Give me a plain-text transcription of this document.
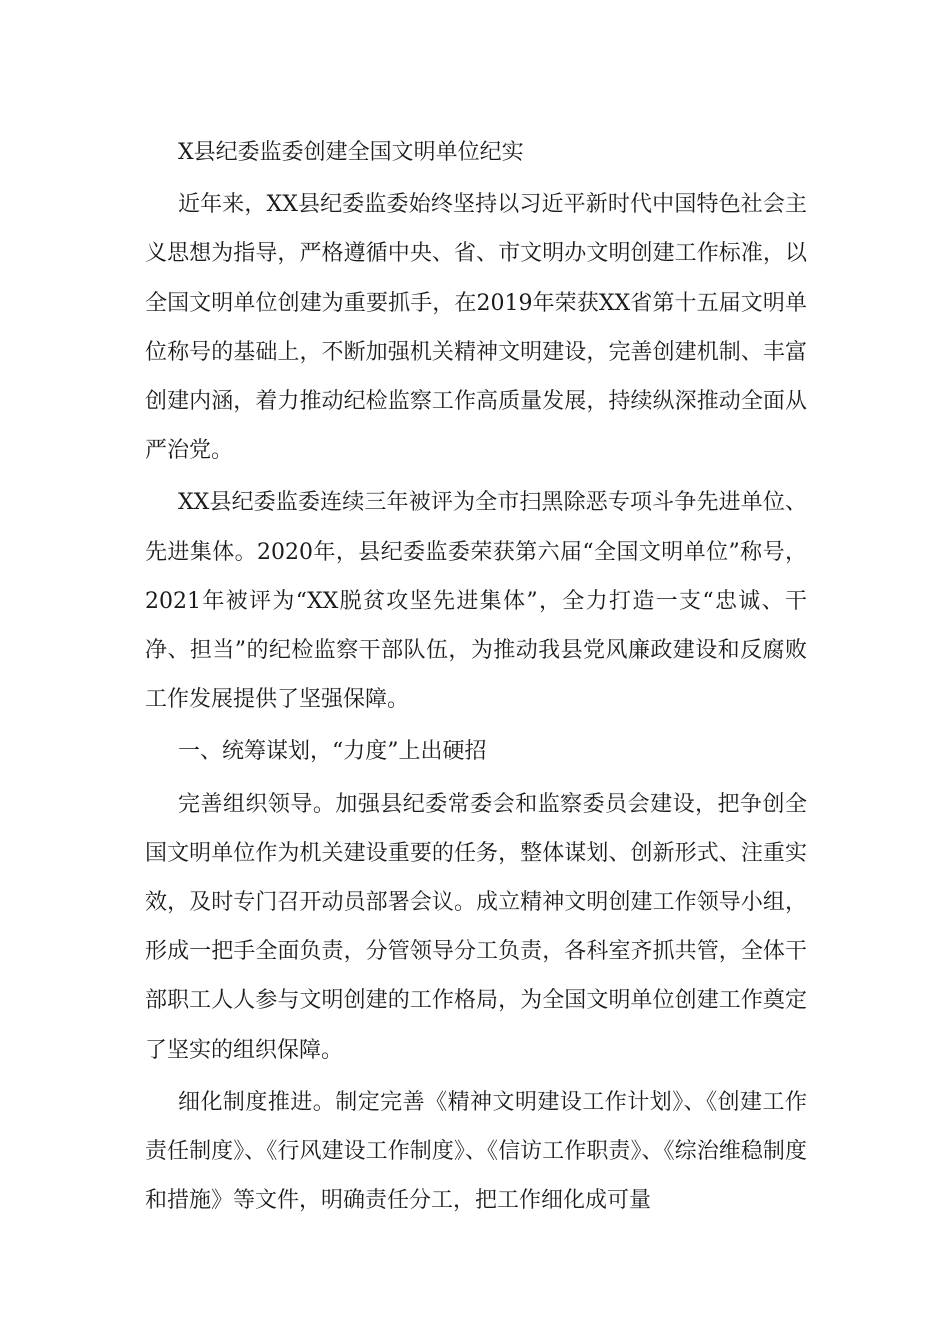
X县纪委监委创建全国文明单位纪实

近年来，XX县纪委监委始终坚持以习近平新时代中国特色社会主义思想为指导，严格遵循中央、省、市文明办文明创建工作标准，以全国文明单位创建为重要抓手，在2019年荣获XX省第十五届文明单位称号的基础上，不断加强机关精神文明建设，完善创建机制、丰富创建内涵，着力推动纪检监察工作高质量发展，持续纵深推动全面从严治党。

XX县纪委监委连续三年被评为全市扫黑除恶专项斗争先进单位、先进集体。2020年，县纪委监委荣获第六届“全国文明单位”称号，2021年被评为“XX脱贫攻坚先进集体”，全力打造一支“忠诚、干净、担当”的纪检监察干部队伍，为推动我县党风廉政建设和反腐败工作发展提供了坚强保障。

一、统筹谋划，“力度”上出硬招

完善组织领导。加强县纪委常委会和监察委员会建设，把争创全国文明单位作为机关建设重要的任务，整体谋划、创新形式、注重实效，及时专门召开动员部署会议。成立精神文明创建工作领导小组，形成一把手全面负责，分管领导分工负责，各科室齐抓共管，全体干部职工人人参与文明创建的工作格局，为全国文明单位创建工作奠定了坚实的组织保障。

细化制度推进。制定完善《精神文明建设工作计划》、《创建工作责任制度》、《行风建设工作制度》、《信访工作职责》、《综治维稳制度和措施》等文件，明确责任分工，把工作细化成可量
